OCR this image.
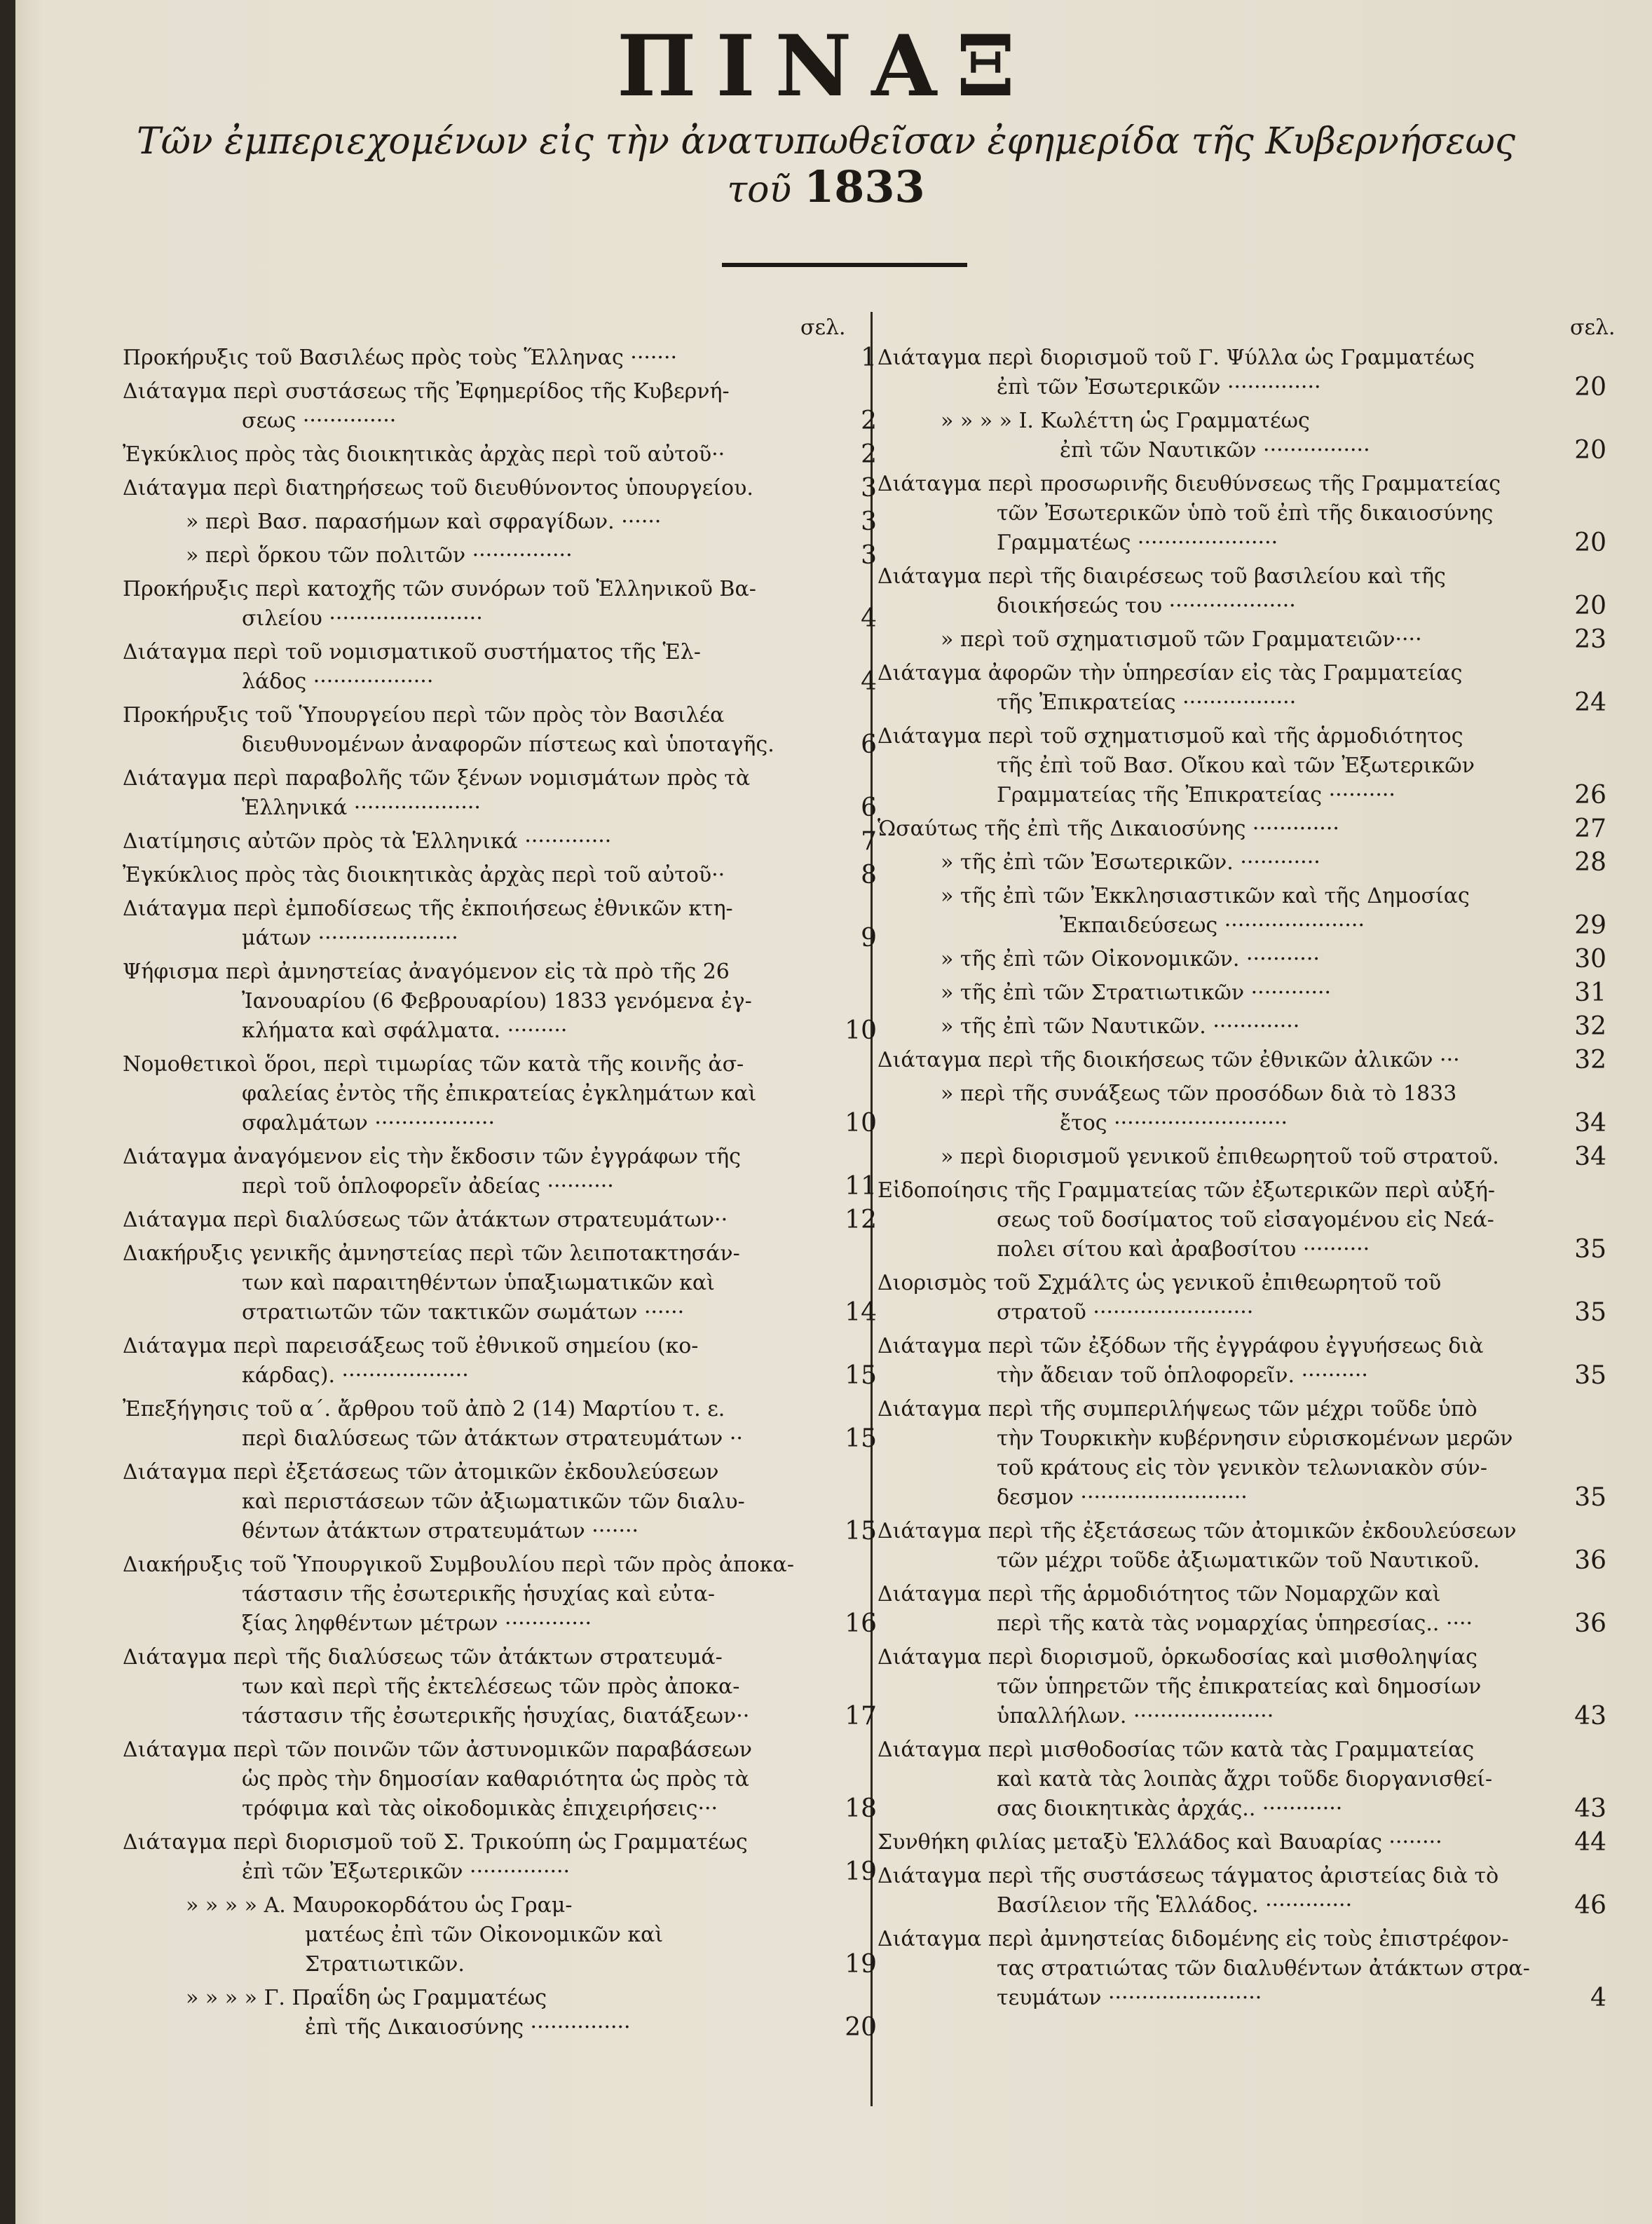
ΠΙΝΑΞ
Τῶν ἐμπεριεχομένων εἰς τὴν ἀνατυπωθεῖσαν ἐφημερίδα τῆς Κυβερνήσεως
τοῦ 1833
σελ.	σελ.
Προκήρυξις τοῦ Βασιλέως πρὸς τοὺς Ἕλληνας ·······	1
Διάταγμα περὶ συστάσεως τῆς Ἐφημερίδος τῆς Κυβερνή-
σεως ··············	2
Ἐγκύκλιος πρὸς τὰς διοικητικὰς ἀρχὰς περὶ τοῦ αὐτοῦ··	2
Διάταγμα περὶ διατηρήσεως τοῦ διευθύνοντος ὑπουργείου.	3
» περὶ Βασ. παρασήμων καὶ σφραγίδων. ······	3
» περὶ ὅρκου τῶν πολιτῶν ···············	3
Προκήρυξις περὶ κατοχῆς τῶν συνόρων τοῦ Ἑλληνικοῦ Βα-
σιλείου ·······················	4
Διάταγμα περὶ τοῦ νομισματικοῦ συστήματος τῆς Ἑλ-
λάδος ··················	4
Προκήρυξις τοῦ Ὑπουργείου περὶ τῶν πρὸς τὸν Βασιλέα
διευθυνομένων ἀναφορῶν πίστεως καὶ ὑποταγῆς.	6
Διάταγμα περὶ παραβολῆς τῶν ξένων νομισμάτων πρὸς τὰ
Ἑλληνικά ···················	6
Διατίμησις αὐτῶν πρὸς τὰ Ἑλληνικά ·············	7
Ἐγκύκλιος πρὸς τὰς διοικητικὰς ἀρχὰς περὶ τοῦ αὐτοῦ··	8
Διάταγμα περὶ ἐμποδίσεως τῆς ἐκποιήσεως ἐθνικῶν κτη-
μάτων ·····················	9
Ψήφισμα περὶ ἀμνηστείας ἀναγόμενον εἰς τὰ πρὸ τῆς 26
Ἰανουαρίου (6 Φεβρουαρίου) 1833 γενόμενα ἐγ-
κλήματα καὶ σφάλματα. ·········	10
Νομοθετικοὶ ὅροι, περὶ τιμωρίας τῶν κατὰ τῆς κοινῆς ἀσ-
φαλείας ἐντὸς τῆς ἐπικρατείας ἐγκλημάτων καὶ
σφαλμάτων ··················	10
Διάταγμα ἀναγόμενον εἰς τὴν ἔκδοσιν τῶν ἐγγράφων τῆς
περὶ τοῦ ὁπλοφορεῖν ἀδείας ··········	11
Διάταγμα περὶ διαλύσεως τῶν ἀτάκτων στρατευμάτων··	12
Διακήρυξις γενικῆς ἀμνηστείας περὶ τῶν λειποτακτησάν-
των καὶ παραιτηθέντων ὑπαξιωματικῶν καὶ
στρατιωτῶν τῶν τακτικῶν σωμάτων ······	14
Διάταγμα περὶ παρεισάξεως τοῦ ἐθνικοῦ σημείου (κο-
κάρδας). ···················	15
Ἐπεξήγησις τοῦ α΄. ἄρθρου τοῦ ἀπὸ 2 (14) Μαρτίου τ. ε.
περὶ διαλύσεως τῶν ἀτάκτων στρατευμάτων ··	15
Διάταγμα περὶ ἐξετάσεως τῶν ἀτομικῶν ἐκδουλεύσεων
καὶ περιστάσεων τῶν ἀξιωματικῶν τῶν διαλυ-
θέντων ἀτάκτων στρατευμάτων ·······	15
Διακήρυξις τοῦ Ὑπουργικοῦ Συμβουλίου περὶ τῶν πρὸς ἀποκα-
τάστασιν τῆς ἐσωτερικῆς ἡσυχίας καὶ εὐτα-
ξίας ληφθέντων μέτρων ·············	16
Διάταγμα περὶ τῆς διαλύσεως τῶν ἀτάκτων στρατευμά-
των καὶ περὶ τῆς ἐκτελέσεως τῶν πρὸς ἀποκα-
τάστασιν τῆς ἐσωτερικῆς ἡσυχίας, διατάξεων··	17
Διάταγμα περὶ τῶν ποινῶν τῶν ἀστυνομικῶν παραβάσεων
ὡς πρὸς τὴν δημοσίαν καθαριότητα ὡς πρὸς τὰ
τρόφιμα καὶ τὰς οἰκοδομικὰς ἐπιχειρήσεις···	18
Διάταγμα περὶ διορισμοῦ τοῦ Σ. Τρικούπη ὡς Γραμματέως
ἐπὶ τῶν Ἐξωτερικῶν ···············	19
» » » » Α. Μαυροκορδάτου ὡς Γραμ-
ματέως ἐπὶ τῶν Οἰκονομικῶν καὶ Στρατιωτικῶν.	19
» » » » Γ. Πραΐδη ὡς Γραμματέως
ἐπὶ τῆς Δικαιοσύνης ···············	20
Διάταγμα περὶ διορισμοῦ τοῦ Γ. Ψύλλα ὡς Γραμματέως
ἐπὶ τῶν Ἐσωτερικῶν ··············	20
» » » » Ι. Κωλέττη ὡς Γραμματέως
ἐπὶ τῶν Ναυτικῶν ················	20
Διάταγμα περὶ προσωρινῆς διευθύνσεως τῆς Γραμματείας
τῶν Ἐσωτερικῶν ὑπὸ τοῦ ἐπὶ τῆς δικαιοσύνης
Γραμματέως ·····················	20
Διάταγμα περὶ τῆς διαιρέσεως τοῦ βασιλείου καὶ τῆς
διοικήσεώς του ···················	20
» περὶ τοῦ σχηματισμοῦ τῶν Γραμματειῶν····	23
Διάταγμα ἀφορῶν τὴν ὑπηρεσίαν εἰς τὰς Γραμματείας
τῆς Ἐπικρατείας ·················	24
Διάταγμα περὶ τοῦ σχηματισμοῦ καὶ τῆς ἁρμοδιότητος
τῆς ἐπὶ τοῦ Βασ. Οἴκου καὶ τῶν Ἐξωτερικῶν
Γραμματείας τῆς Ἐπικρατείας ··········	26
Ὡσαύτως τῆς ἐπὶ τῆς Δικαιοσύνης ·············	27
» τῆς ἐπὶ τῶν Ἐσωτερικῶν. ············	28
» τῆς ἐπὶ τῶν Ἐκκλησιαστικῶν καὶ τῆς Δημοσίας
Ἐκπαιδεύσεως ·····················	29
» τῆς ἐπὶ τῶν Οἰκονομικῶν. ···········	30
» τῆς ἐπὶ τῶν Στρατιωτικῶν ············	31
» τῆς ἐπὶ τῶν Ναυτικῶν. ·············	32
Διάταγμα περὶ τῆς διοικήσεως τῶν ἐθνικῶν ἀλικῶν ···	32
» περὶ τῆς συνάξεως τῶν προσόδων διὰ τὸ 1833
ἔτος ··························	34
» περὶ διορισμοῦ γενικοῦ ἐπιθεωρητοῦ τοῦ στρατοῦ.	34
Εἰδοποίησις τῆς Γραμματείας τῶν ἐξωτερικῶν περὶ αὐξή-
σεως τοῦ δοσίματος τοῦ εἰσαγομένου εἰς Νεά-
πολει σίτου καὶ ἀραβοσίτου ··········	35
Διορισμὸς τοῦ Σχμάλτς ὡς γενικοῦ ἐπιθεωρητοῦ τοῦ
στρατοῦ ························	35
Διάταγμα περὶ τῶν ἐξόδων τῆς ἐγγράφου ἐγγυήσεως διὰ
τὴν ἄδειαν τοῦ ὁπλοφορεῖν. ··········	35
Διάταγμα περὶ τῆς συμπεριλήψεως τῶν μέχρι τοῦδε ὑπὸ
τὴν Τουρκικὴν κυβέρνησιν εὑρισκομένων μερῶν
τοῦ κράτους εἰς τὸν γενικὸν τελωνιακὸν σύν-
δεσμον ·························	35
Διάταγμα περὶ τῆς ἐξετάσεως τῶν ἀτομικῶν ἐκδουλεύσεων
τῶν μέχρι τοῦδε ἀξιωματικῶν τοῦ Ναυτικοῦ.	36
Διάταγμα περὶ τῆς ἁρμοδιότητος τῶν Νομαρχῶν καὶ
περὶ τῆς κατὰ τὰς νομαρχίας ὑπηρεσίας.. ····	36
Διάταγμα περὶ διορισμοῦ, ὁρκωδοσίας καὶ μισθοληψίας
τῶν ὑπηρετῶν τῆς ἐπικρατείας καὶ δημοσίων
ὑπαλλήλων. ·····················	43
Διάταγμα περὶ μισθοδοσίας τῶν κατὰ τὰς Γραμματείας
καὶ κατὰ τὰς λοιπὰς ἄχρι τοῦδε διοργανισθεί-
σας διοικητικὰς ἀρχάς.. ············	43
Συνθήκη φιλίας μεταξὺ Ἑλλάδος καὶ Βαυαρίας ········	44
Διάταγμα περὶ τῆς συστάσεως τάγματος ἀριστείας διὰ τὸ
Βασίλειον τῆς Ἑλλάδος. ·············	46
Διάταγμα περὶ ἀμνηστείας διδομένης εἰς τοὺς ἐπιστρέφον-
τας στρατιώτας τῶν διαλυθέντων ἀτάκτων στρα-
τευμάτων ·······················	4
